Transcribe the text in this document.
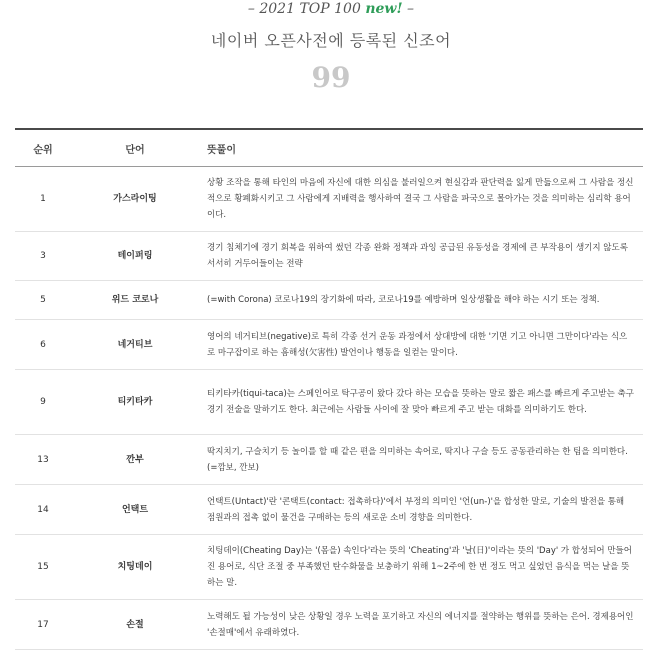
– 2021 TOP 100 new! –
네이버 오픈사전에 등록된 신조어
99
순위	단어	뜻풀이
1	가스라이팅	상황 조작을 통해 타인의 마음에 자신에 대한 의심을 불러일으켜 현실감과 판단력을 잃게 만듦으로써 그 사람을 정신적으로 황폐화시키고 그 사람에게 지배력을 행사하여 결국 그 사람을 파국으로 몰아가는 것을 의미하는 심리학 용어이다.
3	테이퍼링	경기 침체기에 경기 회복을 위하여 썼던 각종 완화 정책과 과잉 공급된 유동성을 경제에 큰 부작용이 생기지 않도록 서서히 거두어들이는 전략
5	위드 코로나	(=with Corona) 코로나19의 장기화에 따라, 코로나19를 예방하며 일상생활을 해야 하는 시기 또는 정책.
6	네거티브	영어의 네거티브(negative)로 특히 각종 선거 운동 과정에서 상대방에 대한 '기면 기고 아니면 그만이다'라는 식으로 마구잡이로 하는 흠해성(欠害性) 발언이나 행동을 일컫는 말이다.
9	티키타카	티키타카(tiqui-taca)는 스페인어로 탁구공이 왔다 갔다 하는 모습을 뜻하는 말로 짧은 패스를 빠르게 주고받는 축구 경기 전술을 말하기도 한다. 최근에는 사람들 사이에 잘 맞아 빠르게 주고 받는 대화를 의미하기도 한다.
13	깐부	딱지치기, 구슬치기 등 놀이를 할 때 같은 편을 의미하는 속어로, 딱지나 구슬 등도 공동관리하는 한 팀을 의미한다. (=깜보, 깐보)
14	언택트	언택트(Untact)'란 '콘택트(contact: 접촉하다)'에서 부정의 의미인 '언(un-)'을 합성한 말로, 기술의 발전을 통해 점원과의 접촉 없이 물건을 구매하는 등의 새로운 소비 경향을 의미한다.
15	치팅데이	치팅데이(Cheating Day)는 '(몸을) 속인다'라는 뜻의 'Cheating'과 '날(日)'이라는 뜻의 'Day' 가 합성되어 만들어진 용어로, 식단 조절 중 부족했던 탄수화물을 보충하기 위해 1~2주에 한 번 정도 먹고 싶었던 음식을 먹는 날을 뜻하는 말.
17	손절	노력해도 될 가능성이 낮은 상황일 경우 노력을 포기하고 자신의 에너지를 절약하는 행위를 뜻하는 은어. 경제용어인 '손절매'에서 유래하였다.
